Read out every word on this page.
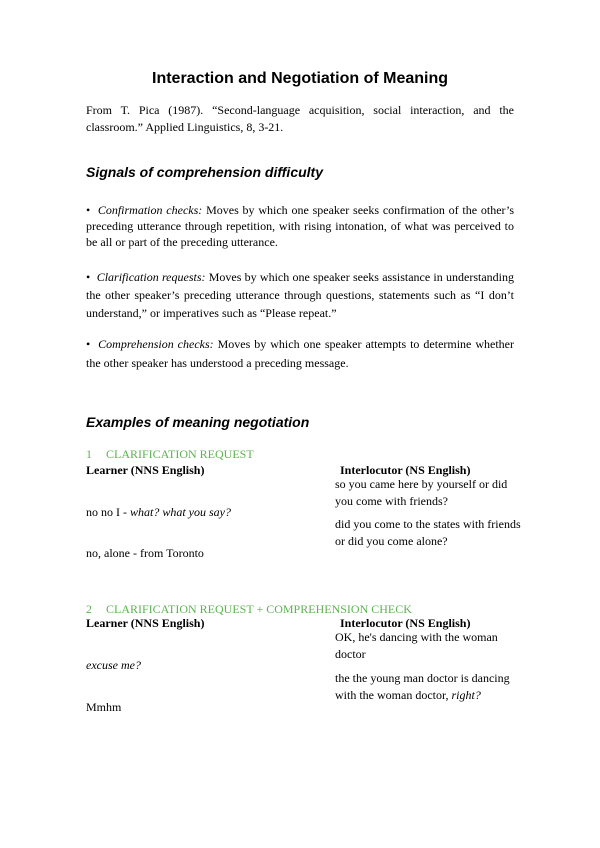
Interaction and Negotiation of Meaning
From T. Pica (1987). “Second-language acquisition, social interaction, and the classroom.” Applied Linguistics, 8, 3-21.
Signals of comprehension difficulty

• Confirmation checks: Moves by which one speaker seeks confirmation of the other’s preceding utterance through repetition, with rising intonation, of what was perceived to be all or part of the preceding utterance.

• Clarification requests: Moves by which one speaker seeks assistance in understanding the other speaker’s preceding utterance through questions, statements such as “I don’t understand,” or imperatives such as “Please repeat.”

• Comprehension checks: Moves by which one speaker attempts to determine whether the other speaker has understood a preceding message.

Examples of meaning negotiation
1 CLARIFICATION REQUEST
Learner (NNS English)	Interlocutor (NS English)
so you came here by yourself or did you come with friends?
no no I - what? what you say?
did you come to the states with friends or did you come alone?
no, alone - from Toronto
2 CLARIFICATION REQUEST + COMPREHENSION CHECK
Learner (NNS English)	Interlocutor (NS English)
OK, he's dancing with the woman doctor
excuse me?
the the young man doctor is dancing with the woman doctor, right?
Mmhm
